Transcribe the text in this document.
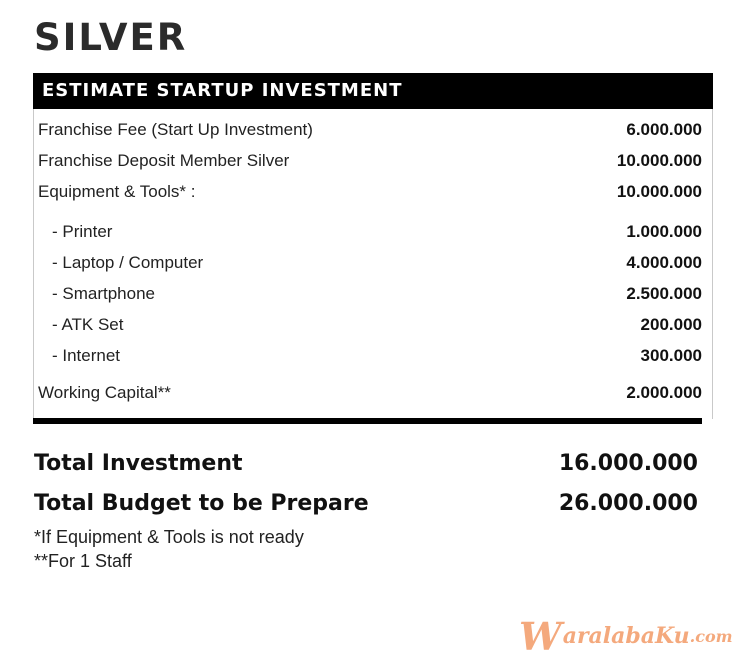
SILVER
ESTIMATE STARTUP INVESTMENT
Franchise Fee (Start Up Investment)	6.000.000
Franchise Deposit Member Silver	10.000.000
Equipment & Tools* :	10.000.000
- Printer	1.000.000
- Laptop / Computer	4.000.000
- Smartphone	2.500.000
- ATK Set	200.000
- Internet	300.000
Working Capital**	2.000.000
Total Investment	16.000.000
Total Budget to be Prepare	26.000.000
*If Equipment & Tools is not ready
**For 1 Staff
W aralabaKu .com
